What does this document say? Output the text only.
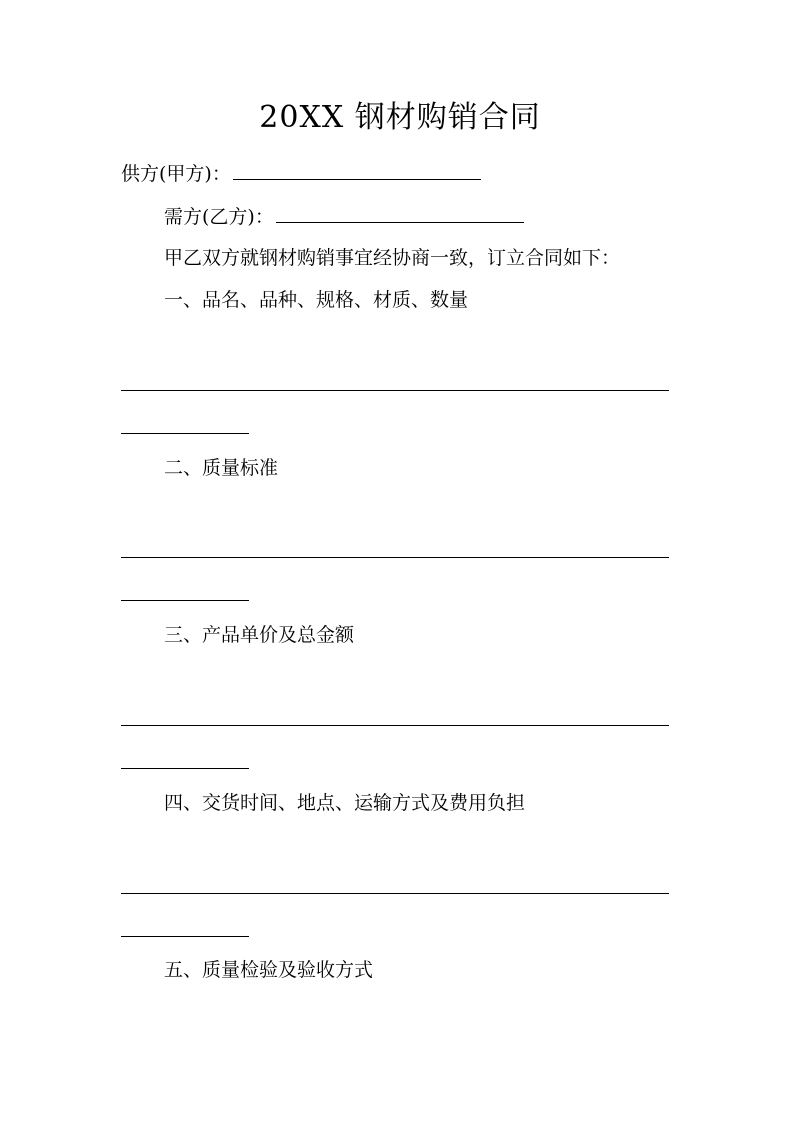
20XX 钢材购销合同
供方(甲方)：
需方(乙方)：
甲乙双方就钢材购销事宜经协商一致，订立合同如下：
一、品名、品种、规格、材质、数量
二、质量标准
三、产品单价及总金额
四、交货时间、地点、运输方式及费用负担
五、质量检验及验收方式
